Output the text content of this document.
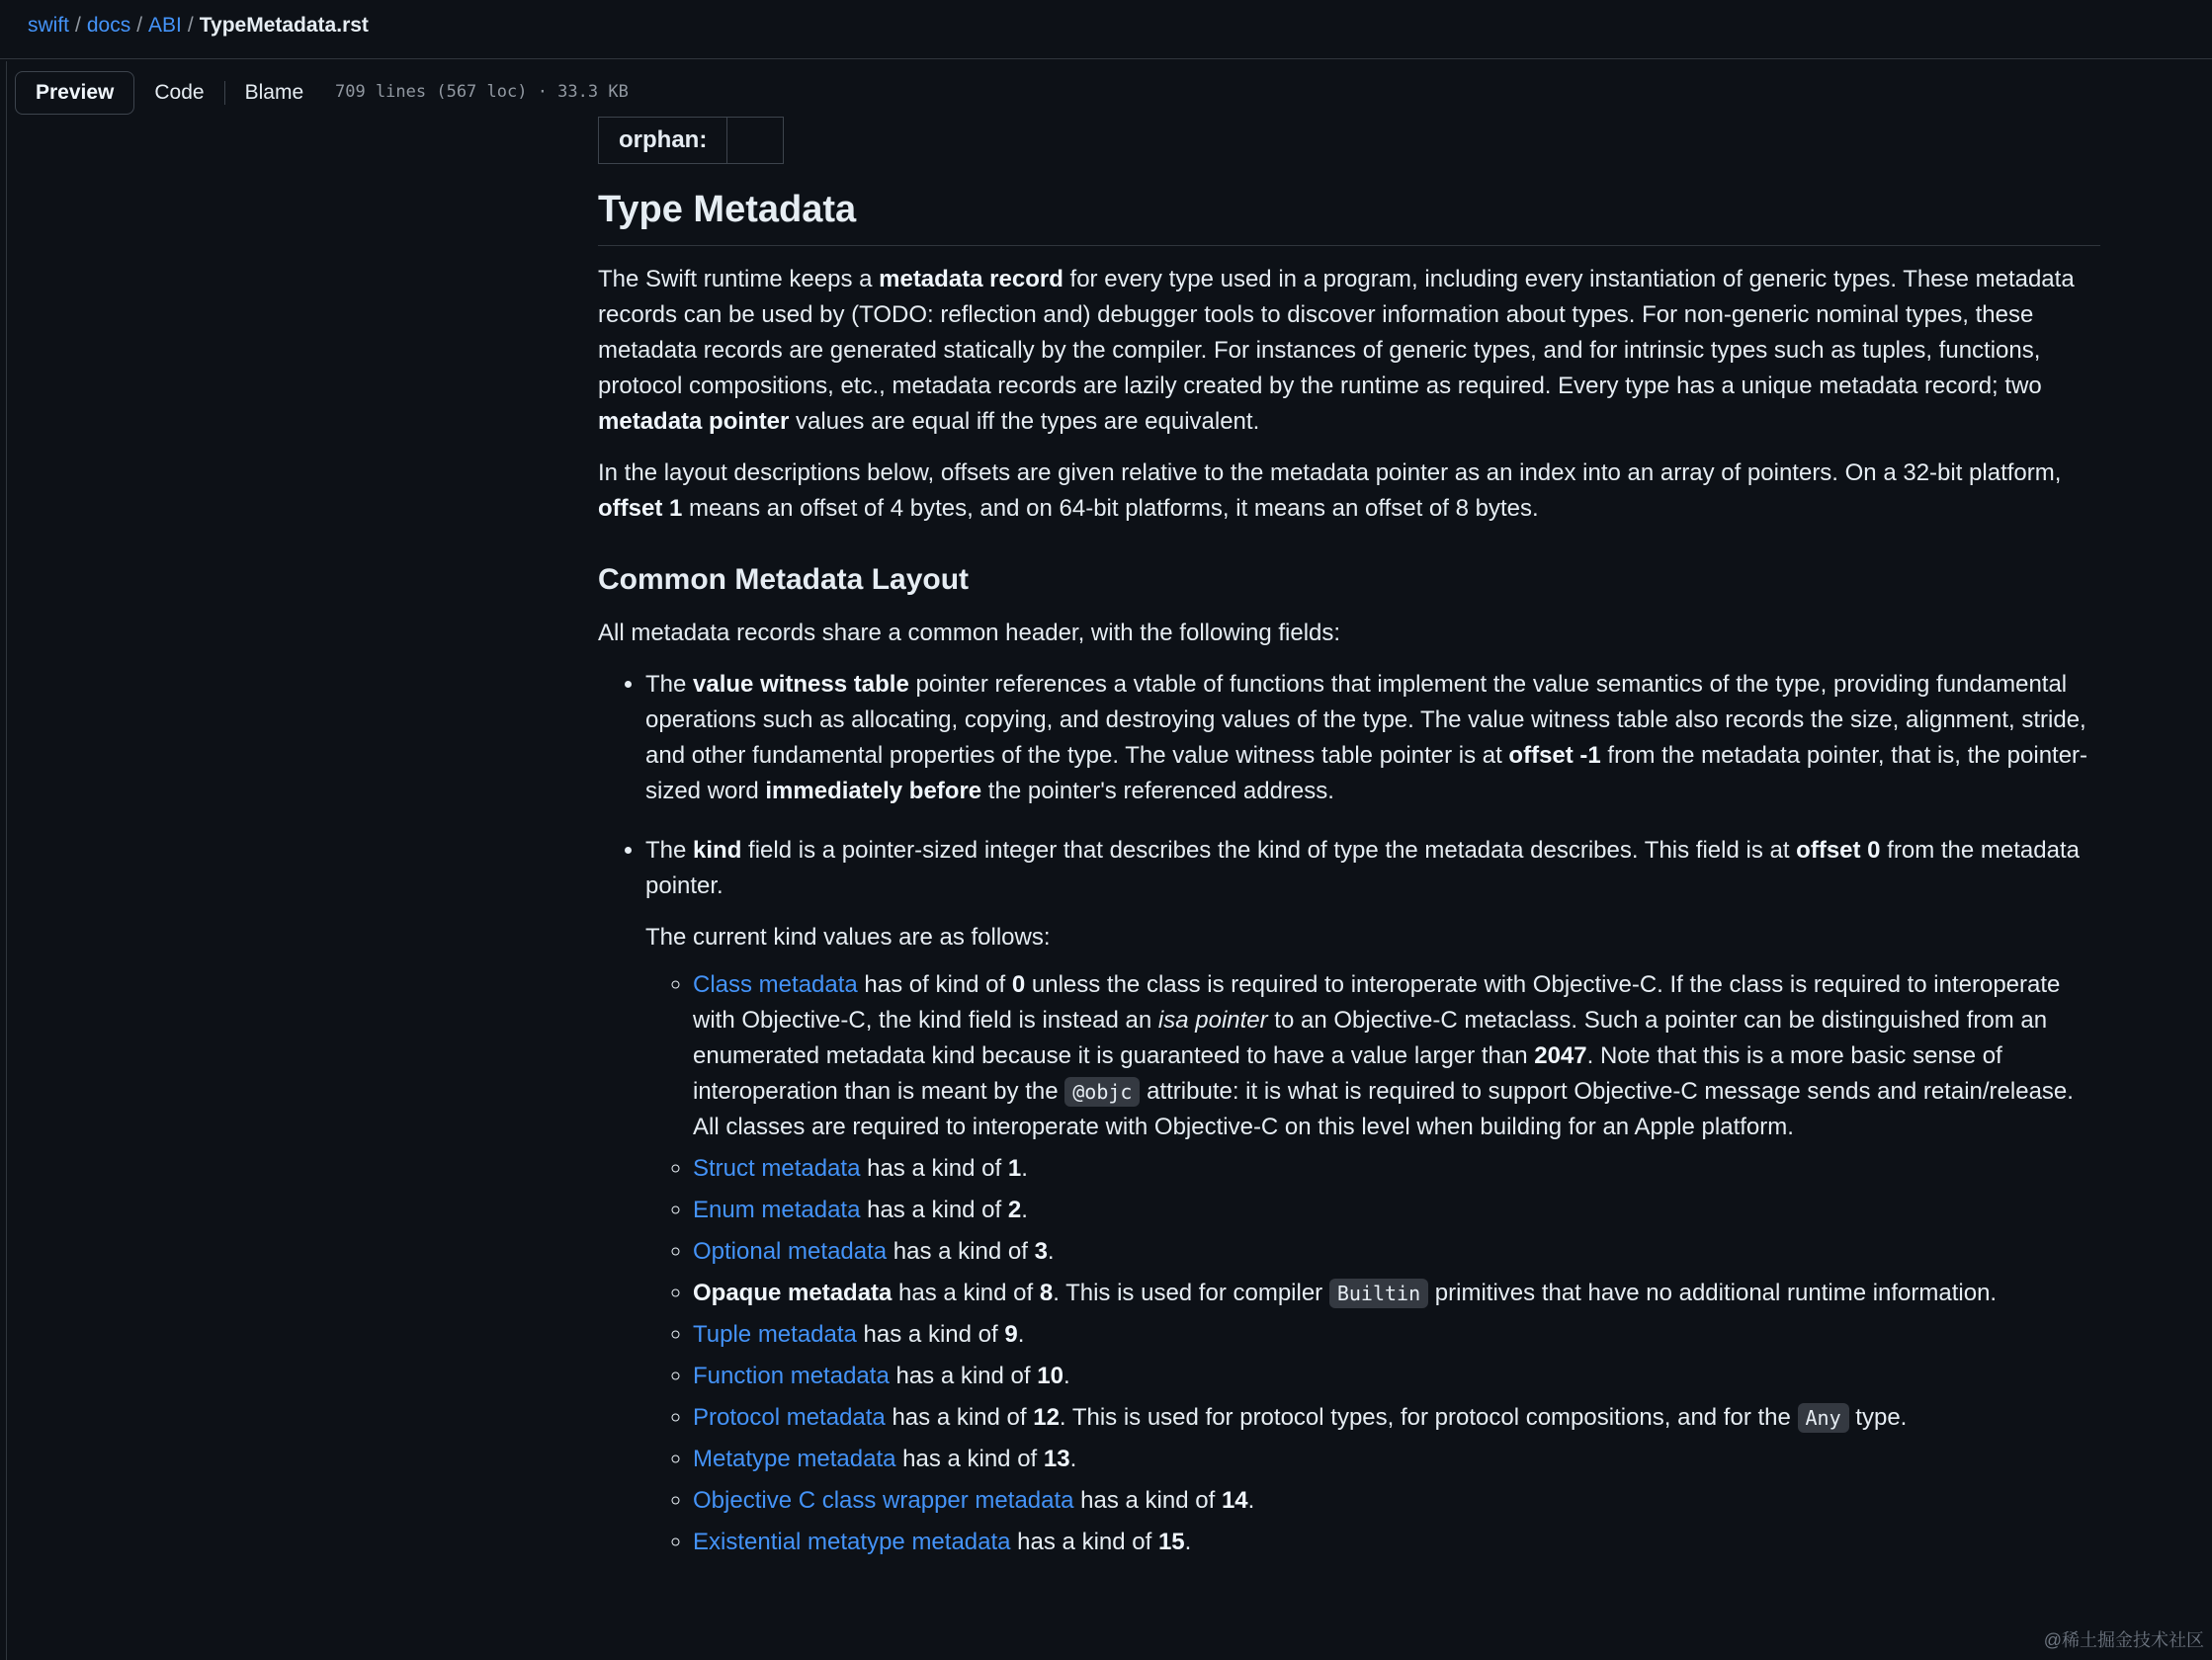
swift / docs / ABI / TypeMetadata.rst
Preview	Code	Blame	709 lines (567 loc) · 33.3 KB
orphan:	
Type Metadata

The Swift runtime keeps a metadata record for every type used in a program, including every instantiation of generic types. These metadata records can be used by (TODO: reflection and) debugger tools to discover information about types. For non-generic nominal types, these metadata records are generated statically by the compiler. For instances of generic types, and for intrinsic types such as tuples, functions, protocol compositions, etc., metadata records are lazily created by the runtime as required. Every type has a unique metadata record; two metadata pointer values are equal iff the types are equivalent.

In the layout descriptions below, offsets are given relative to the metadata pointer as an index into an array of pointers. On a 32-bit platform, offset 1 means an offset of 4 bytes, and on 64-bit platforms, it means an offset of 8 bytes.

Common Metadata Layout

All metadata records share a common header, with the following fields:

• The value witness table pointer references a vtable of functions that implement the value semantics of the type, providing fundamental operations such as allocating, copying, and destroying values of the type. The value witness table also records the size, alignment, stride, and other fundamental properties of the type. The value witness table pointer is at offset -1 from the metadata pointer, that is, the pointer-sized word immediately before the pointer's referenced address.
• The kind field is a pointer-sized integer that describes the kind of type the metadata describes. This field is at offset 0 from the metadata pointer.

The current kind values are as follows:

◦ Class metadata has of kind of 0 unless the class is required to interoperate with Objective-C. If the class is required to interoperate with Objective-C, the kind field is instead an isa pointer to an Objective-C metaclass. Such a pointer can be distinguished from an enumerated metadata kind because it is guaranteed to have a value larger than 2047. Note that this is a more basic sense of interoperation than is meant by the @objc attribute: it is what is required to support Objective-C message sends and retain/release. All classes are required to interoperate with Objective-C on this level when building for an Apple platform.
◦ Struct metadata has a kind of 1.
◦ Enum metadata has a kind of 2.
◦ Optional metadata has a kind of 3.
◦ Opaque metadata has a kind of 8. This is used for compiler Builtin primitives that have no additional runtime information.
◦ Tuple metadata has a kind of 9.
◦ Function metadata has a kind of 10.
◦ Protocol metadata has a kind of 12. This is used for protocol types, for protocol compositions, and for the Any type.
◦ Metatype metadata has a kind of 13.
◦ Objective C class wrapper metadata has a kind of 14.
◦ Existential metatype metadata has a kind of 15.
@稀土掘金技术社区
